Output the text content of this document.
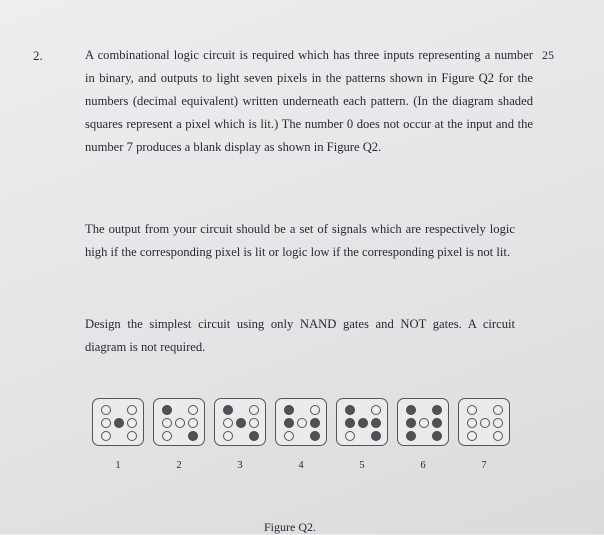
2.	25

A combinational logic circuit is required which has three inputs representing a number in binary, and outputs to light seven pixels in the patterns shown in Figure Q2 for the numbers (decimal equivalent) written underneath each pattern. (In the diagram shaded squares represent a pixel which is lit.) The number 0 does not occur at the input and the number 7 produces a blank display as shown in Figure Q2.

The output from your circuit should be a set of signals which are respectively logic high if the corresponding pixel is lit or logic low if the corresponding pixel is not lit.

Design the simplest circuit using only NAND gates and NOT gates. A circuit diagram is not required.

Figure Q2.
1	2	3	4	5	6	7
